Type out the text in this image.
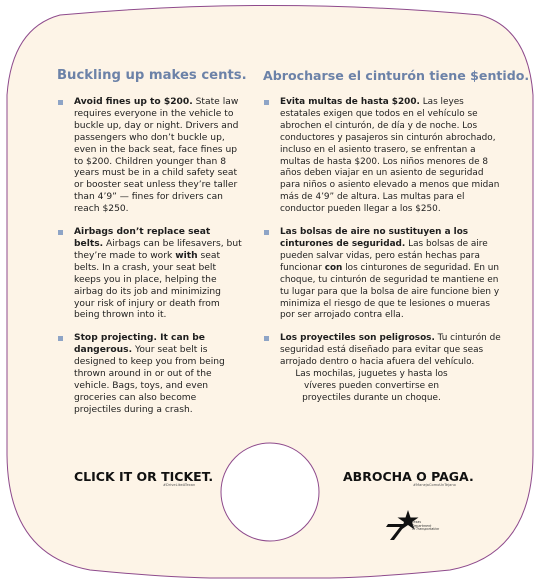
Buckling up makes cents.
Avoid fines up to $200. State law requires everyone in the vehicle to buckle up, day or night. Drivers and passengers who don’t buckle up, even in the back seat, face fines up to $200. Children younger than 8 years must be in a child safety seat or booster seat unless they’re taller than 4’9” — fines for drivers can reach $250.
Airbags don’t replace seat belts. Airbags can be lifesavers, but they’re made to work with seat belts. In a crash, your seat belt keeps you in place, helping the airbag do its job and minimizing your risk of injury or death from being thrown into it.
Stop projecting. It can be dangerous. Your seat belt is designed to keep you from being thrown around in or out of the vehicle. Bags, toys, and even groceries can also become projectiles during a crash.
Abrocharse el cinturón tiene $entido.
Evita multas de hasta $200. Las leyes estatales exigen que todos en el vehículo se abrochen el cinturón, de día y de noche. Los conductores y pasajeros sin cinturón abrochado, incluso en el asiento trasero, se enfrentan a multas de hasta $200. Los niños menores de 8 años deben viajar en un asiento de seguridad para niños o asiento elevado a menos que midan más de 4’9” de altura. Las multas para el conductor pueden llegar a los $250.
Las bolsas de aire no sustituyen a los cinturones de seguridad. Las bolsas de aire pueden salvar vidas, pero están hechas para funcionar con los cinturones de seguridad. En un choque, tu cinturón de seguridad te mantiene en tu lugar para que la bolsa de aire funcione bien y minimiza el riesgo de que te lesiones o mueras por ser arrojado contra ella.
Los proyectiles son peligrosos. Tu cinturón de seguridad está diseñado para evitar que seas arrojado dentro o hacia afuera del vehículo.
Las mochilas, juguetes y hasta los víveres pueden convertirse en proyectiles durante un choque.
CLICK IT OR TICKET.
#DriveLikeATexan
ABROCHA O PAGA.
#ManejaComoUnTejano
Texas
Department
of Transportation
